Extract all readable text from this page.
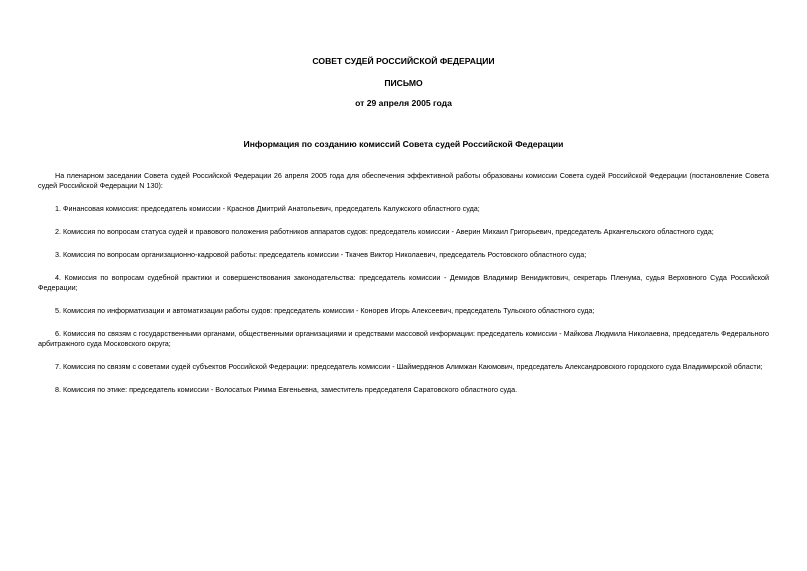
СОВЕТ СУДЕЙ РОССИЙСКОЙ ФЕДЕРАЦИИ
ПИСЬМО
от 29 апреля 2005 года
Информация по созданию комиссий Совета судей Российской Федерации

На пленарном заседании Совета судей Российской Федерации 26 апреля 2005 года для обеспечения эффективной работы образованы комиссии Совета судей Российской Федерации (постановление Совета судей Российской Федерации N 130):

1. Финансовая комиссия: председатель комиссии - Краснов Дмитрий Анатольевич, председатель Калужского областного суда;

2. Комиссия по вопросам статуса судей и правового положения работников аппаратов судов: председатель комиссии - Аверин Михаил Григорьевич, председатель Архангельского областного суда;

3. Комиссия по вопросам организационно-кадровой работы: председатель комиссии - Ткачев Виктор Николаевич, председатель Ростовского областного суда;

4. Комиссия по вопросам судебной практики и совершенствования законодательства: председатель комиссии - Демидов Владимир Венидиктович, секретарь Пленума, судья Верховного Суда Российской Федерации;

5. Комиссия по информатизации и автоматизации работы судов: председатель комиссии - Конорев Игорь Алексеевич, председатель Тульского областного суда;

6. Комиссия по связям с государственными органами, общественными организациями и средствами массовой информации: председатель комиссии - Майкова Людмила Николаевна, председатель Федерального арбитражного суда Московского округа;

7. Комиссия по связям с советами судей субъектов Российской Федерации: председатель комиссии - Шаймердянов Алимжан Каюмович, председатель Александровского городского суда Владимирской области;

8. Комиссия по этике: председатель комиссии - Волосатых Римма Евгеньевна, заместитель председателя Саратовского областного суда.
